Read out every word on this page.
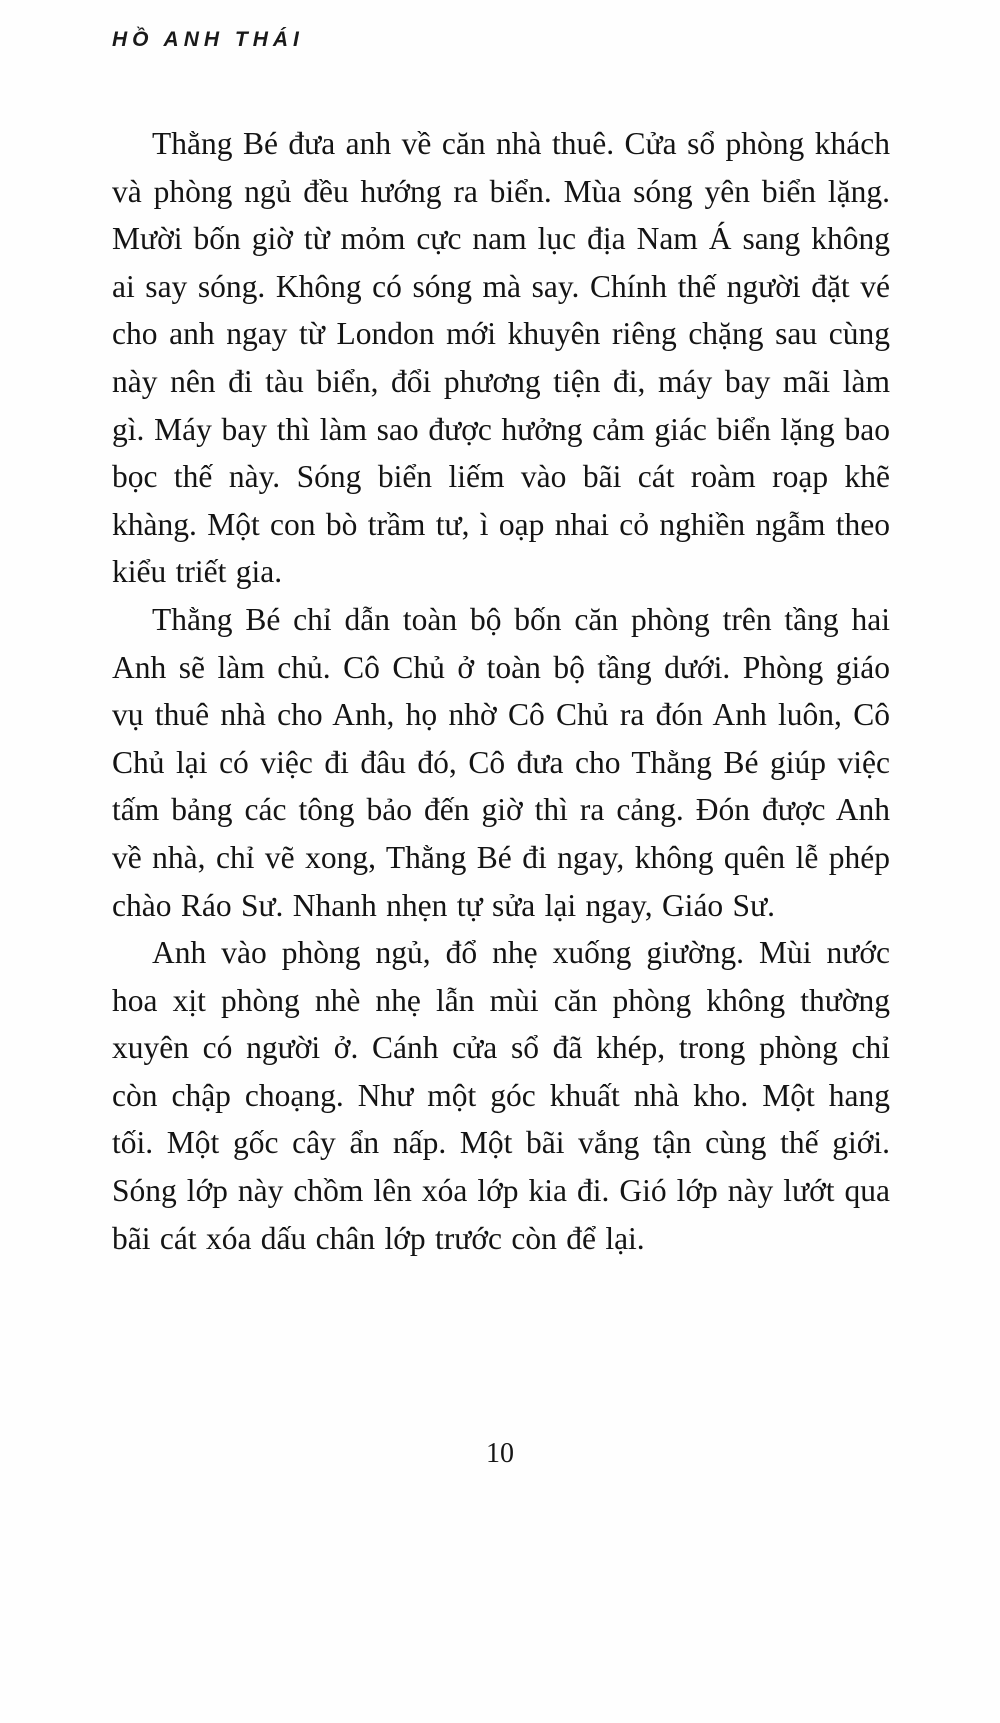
HỒ ANH THÁI

Thằng Bé đưa anh về căn nhà thuê. Cửa sổ phòng khách và phòng ngủ đều hướng ra biển. Mùa sóng yên biển lặng. Mười bốn giờ từ mỏm cực nam lục địa Nam Á sang không ai say sóng. Không có sóng mà say. Chính thế người đặt vé cho anh ngay từ London mới khuyên riêng chặng sau cùng này nên đi tàu biển, đổi phương tiện đi, máy bay mãi làm gì. Máy bay thì làm sao được hưởng cảm giác biển lặng bao bọc thế này. Sóng biển liếm vào bãi cát roàm roạp khẽ khàng. Một con bò trầm tư, ì oạp nhai cỏ nghiền ngẫm theo kiểu triết gia.

Thằng Bé chỉ dẫn toàn bộ bốn căn phòng trên tầng hai Anh sẽ làm chủ. Cô Chủ ở toàn bộ tầng dưới. Phòng giáo vụ thuê nhà cho Anh, họ nhờ Cô Chủ ra đón Anh luôn, Cô Chủ lại có việc đi đâu đó, Cô đưa cho Thằng Bé giúp việc tấm bảng các tông bảo đến giờ thì ra cảng. Đón được Anh về nhà, chỉ vẽ xong, Thằng Bé đi ngay, không quên lễ phép chào Ráo Sư. Nhanh nhẹn tự sửa lại ngay, Giáo Sư.

Anh vào phòng ngủ, đổ nhẹ xuống giường. Mùi nước hoa xịt phòng nhè nhẹ lẫn mùi căn phòng không thường xuyên có người ở. Cánh cửa sổ đã khép, trong phòng chỉ còn chập choạng. Như một góc khuất nhà kho. Một hang tối. Một gốc cây ẩn nấp. Một bãi vắng tận cùng thế giới. Sóng lớp này chồm lên xóa lớp kia đi. Gió lớp này lướt qua bãi cát xóa dấu chân lớp trước còn để lại.

10
